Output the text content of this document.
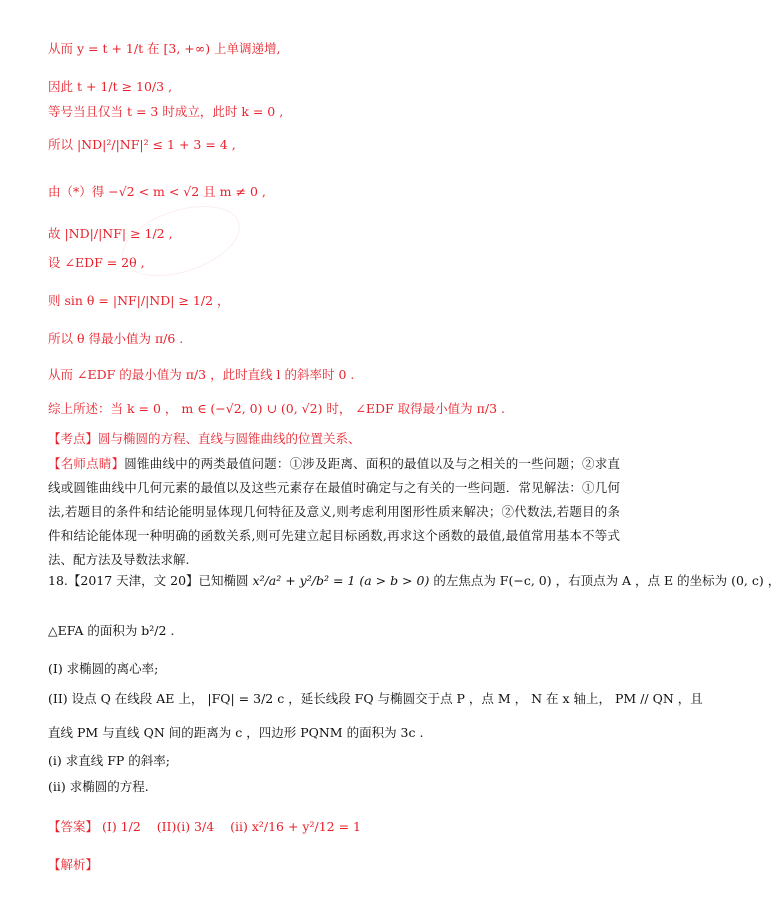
从而 y = t + 1/t 在 [3, +∞) 上单调递增,
因此 t + 1/t ≥ 10/3 ,
等号当且仅当 t = 3 时成立，此时 k = 0 ,
所以 |ND|²/|NF|² ≤ 1 + 3 = 4 ,
由（*）得 −√2 < m < √2 且 m ≠ 0 ,
故 |ND|/|NF| ≥ 1/2 ,
设 ∠EDF = 2θ ,
则 sin θ = |NF|/|ND| ≥ 1/2 ，
所以 θ 得最小值为 π/6 .
从而 ∠EDF 的最小值为 π/3 ，此时直线 l 的斜率时 0 .
综上所述：当 k = 0 ， m ∈ (−√2, 0) ∪ (0, √2) 时， ∠EDF 取得最小值为 π/3 .
【考点】圆与椭圆的方程、直线与圆锥曲线的位置关系、
【名师点睛】圆锥曲线中的两类最值问题：①涉及距离、面积的最值以及与之相关的一些问题；②求直线或圆锥曲线中几何元素的最值以及这些元素存在最值时确定与之有关的一些问题．常见解法：①几何法,若题目的条件和结论能明显体现几何特征及意义,则考虑利用图形性质来解决；②代数法,若题目的条件和结论能体现一种明确的函数关系,则可先建立起目标函数,再求这个函数的最值,最值常用基本不等式法、配方法及导数法求解.
18.【2017 天津，文 20】已知椭圆 x²/a² + y²/b² = 1 (a > b > 0) 的左焦点为 F(−c, 0) ，右顶点为 A ，点 E 的坐标为 (0, c) ，
△EFA 的面积为 b²/2 .
(I) 求椭圆的离心率;
(II) 设点 Q 在线段 AE 上， |FQ| = 3/2 c ，延长线段 FQ 与椭圆交于点 P ，点 M ， N 在 x 轴上， PM // QN ，且
直线 PM 与直线 QN 间的距离为 c ，四边形 PQNM 的面积为 3c .
(i) 求直线 FP 的斜率;
(ii) 求椭圆的方程.
【答案】 (I) 1/2 (II)(i) 3/4 (ii) x²/16 + y²/12 = 1
【解析】
